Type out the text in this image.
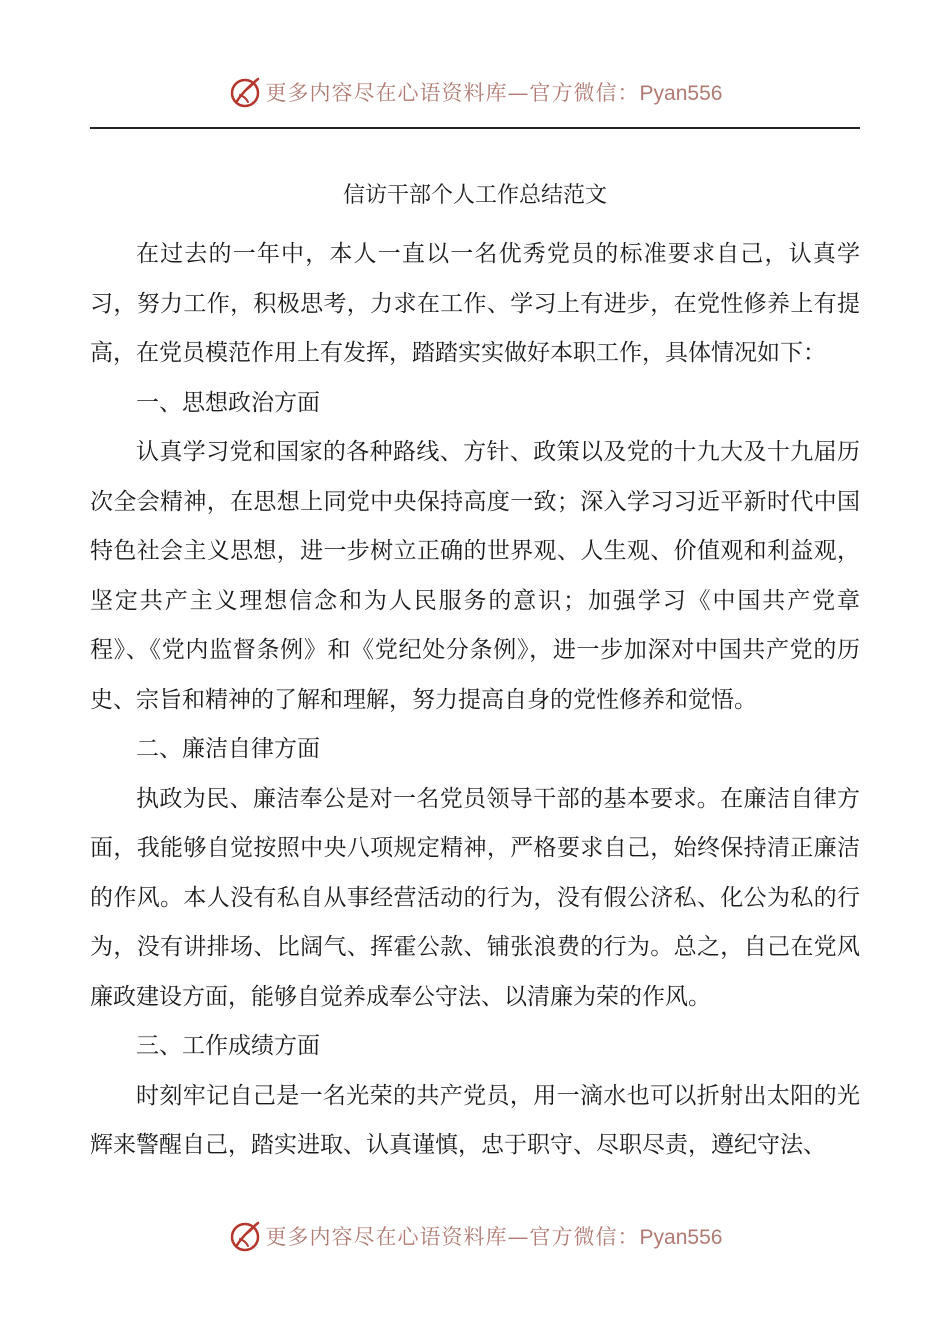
更多内容尽在心语资料库—官方微信：Pyan556
信访干部个人工作总结范文

在过去的一年中，本人一直以一名优秀党员的标准要求自己，认真学习，努力工作，积极思考，力求在工作、学习上有进步，在党性修养上有提高，在党员模范作用上有发挥，踏踏实实做好本职工作，具体情况如下：

一、思想政治方面

认真学习党和国家的各种路线、方针、政策以及党的十九大及十九届历次全会精神，在思想上同党中央保持高度一致；深入学习习近平新时代中国特色社会主义思想，进一步树立正确的世界观、人生观、价值观和利益观，坚定共产主义理想信念和为人民服务的意识；加强学习《中国共产党章程》、《党内监督条例》和《党纪处分条例》，进一步加深对中国共产党的历史、宗旨和精神的了解和理解，努力提高自身的党性修养和觉悟。

二、廉洁自律方面

执政为民、廉洁奉公是对一名党员领导干部的基本要求。在廉洁自律方面，我能够自觉按照中央八项规定精神，严格要求自己，始终保持清正廉洁的作风。本人没有私自从事经营活动的行为，没有假公济私、化公为私的行为，没有讲排场、比阔气、挥霍公款、铺张浪费的行为。总之，自己在党风廉政建设方面，能够自觉养成奉公守法、以清廉为荣的作风。

三、工作成绩方面

时刻牢记自己是一名光荣的共产党员，用一滴水也可以折射出太阳的光辉来警醒自己，踏实进取、认真谨慎，忠于职守、尽职尽责，遵纪守法、

更多内容尽在心语资料库—官方微信：Pyan556
